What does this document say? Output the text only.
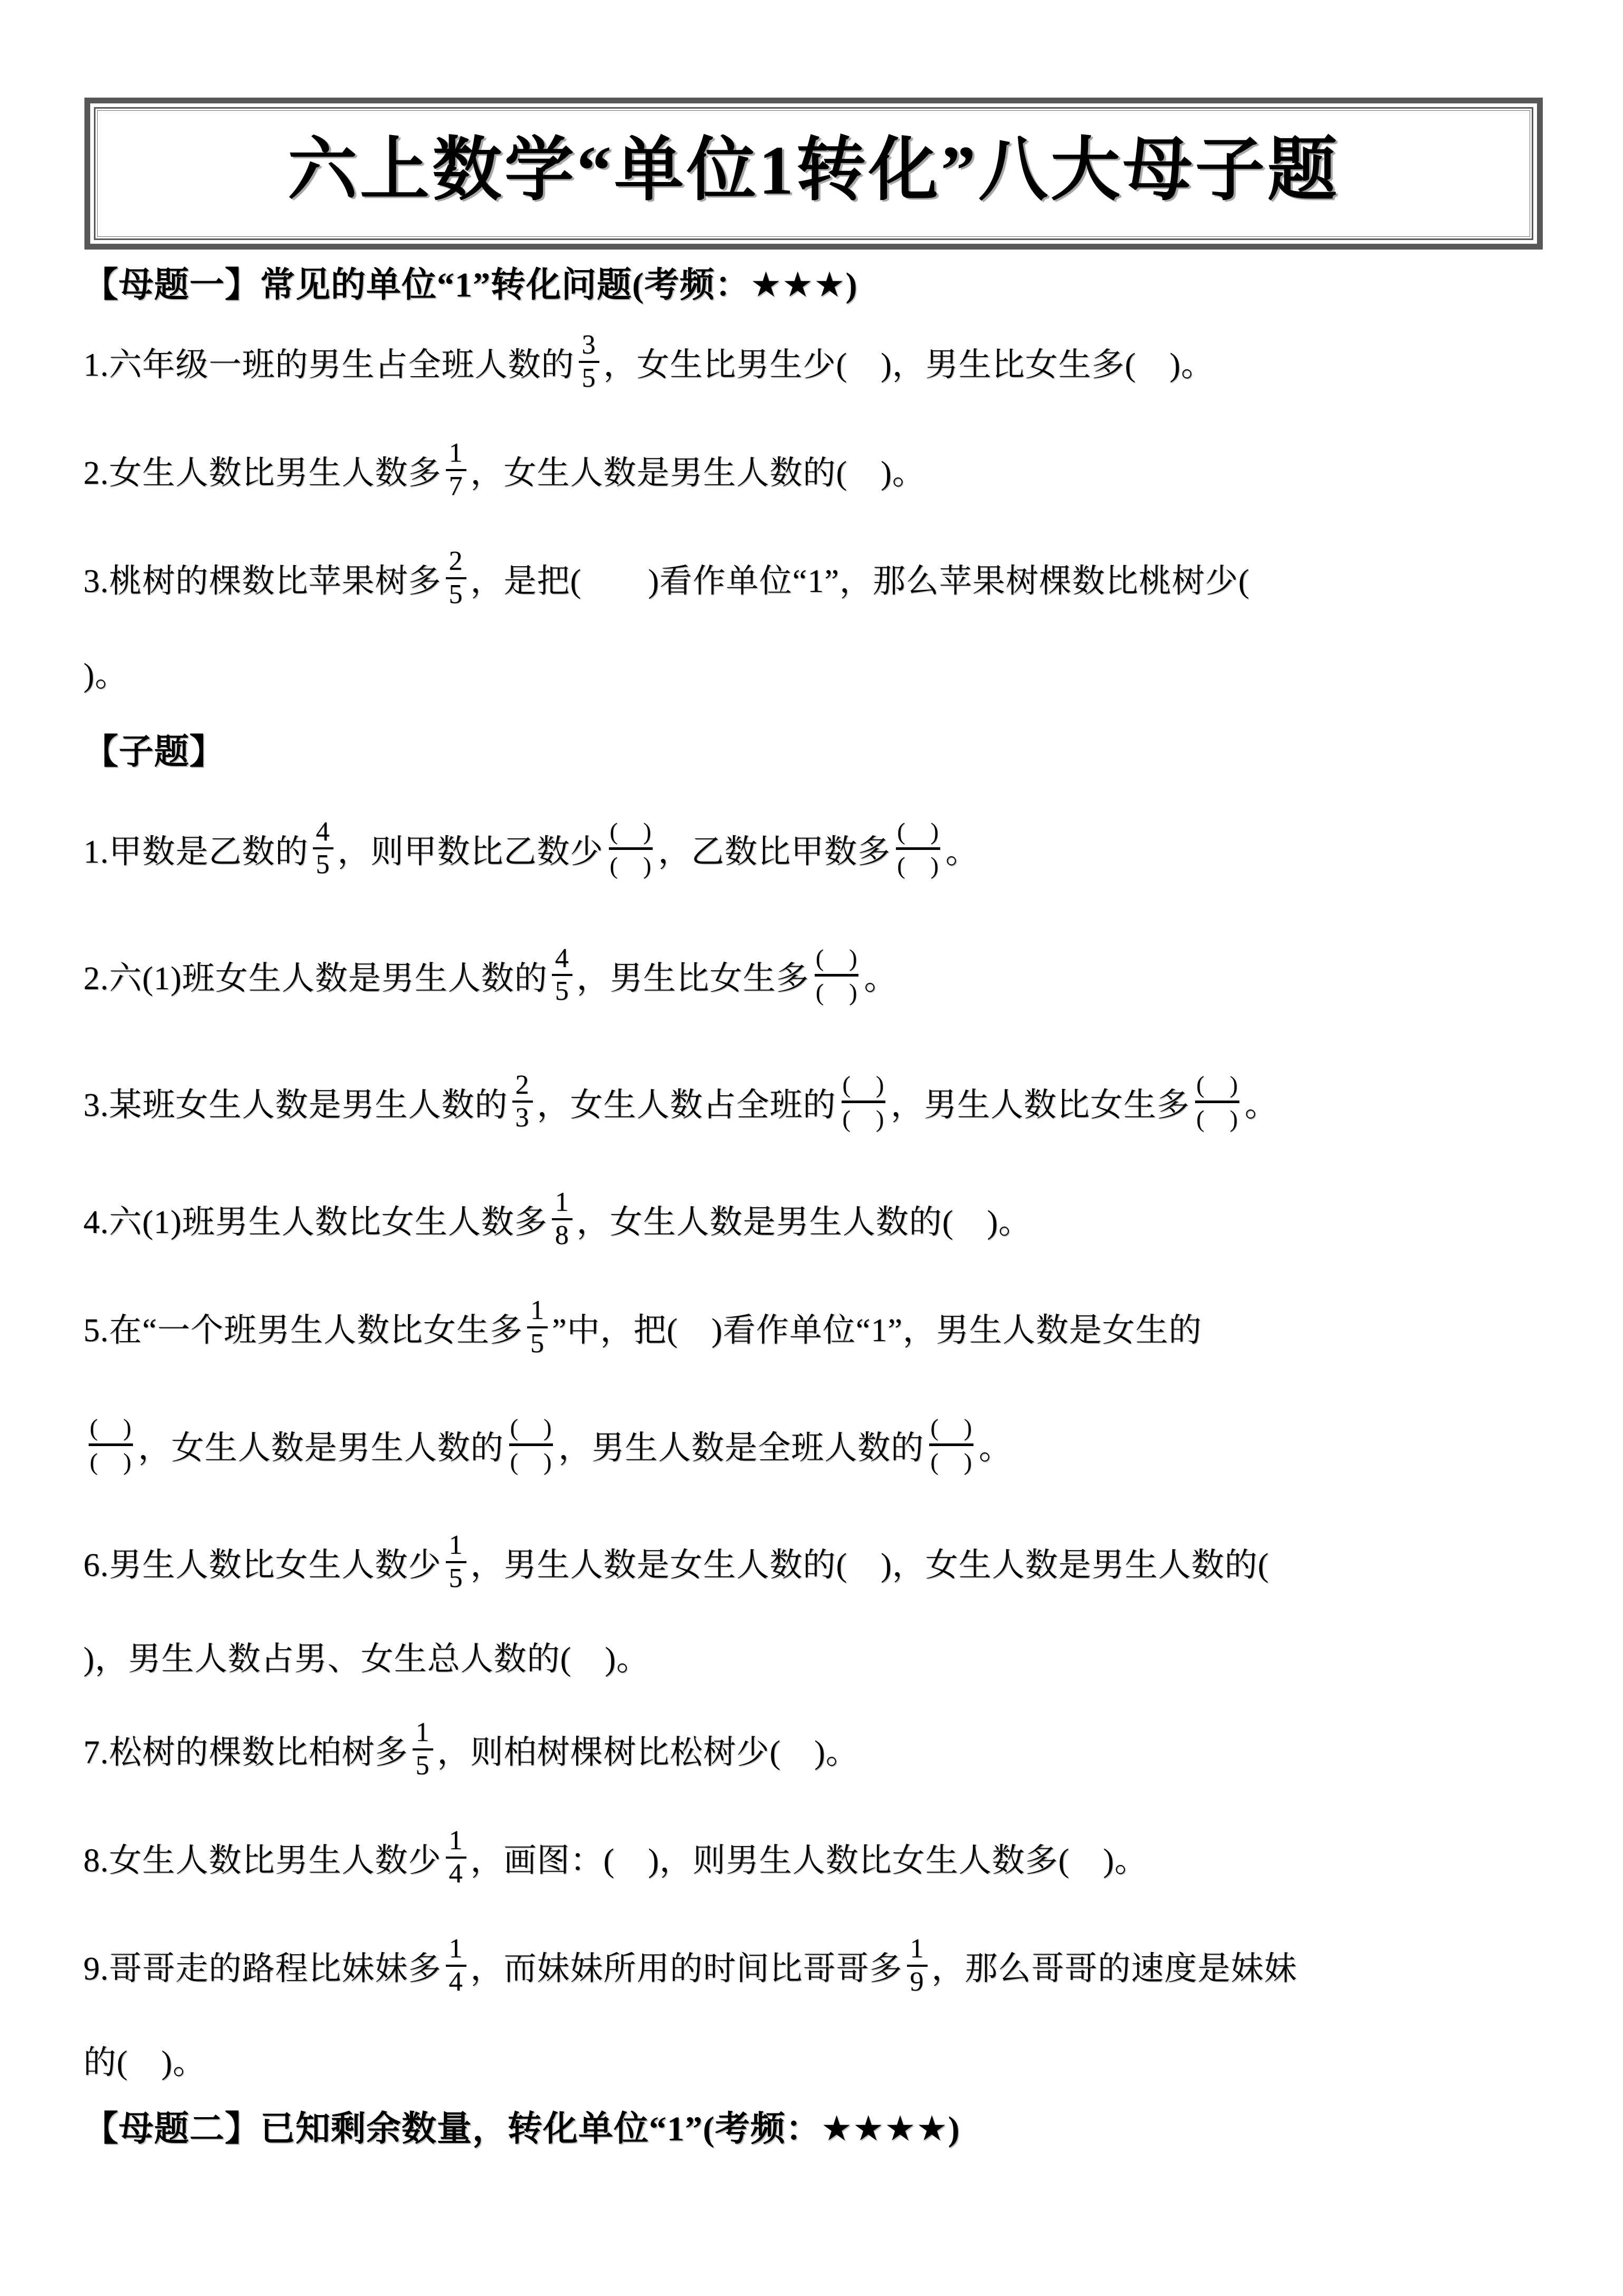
六上数学“单位1转化”八大母子题
【母题一】常见的单位“1”转化问题(考频：★★★)
1.六年级一班的男生占全班人数的 $\frac{3}{5}$ ，女生比男生少(　)，男生比女生多(　)。
2.女生人数比男生人数多 $\frac{1}{7}$ ，女生人数是男生人数的(　)。
3.桃树的棵数比苹果树多 $\frac{2}{5}$ ，是把(　　)看作单位“1”，那么苹果树棵数比桃树少(
)。
【子题】
1.甲数是乙数的 $\frac{4}{5}$ ，则甲数比乙数少 $\frac{( )}{( )}$ ，乙数比甲数多 $\frac{( )}{( )}$ 。
2.六(1)班女生人数是男生人数的 $\frac{4}{5}$ ，男生比女生多 $\frac{( )}{( )}$ 。
3.某班女生人数是男生人数的 $\frac{2}{3}$ ，女生人数占全班的 $\frac{( )}{( )}$ ，男生人数比女生多 $\frac{( )}{( )}$ 。
4.六(1)班男生人数比女生人数多 $\frac{1}{8}$ ，女生人数是男生人数的(　)。
5.在“一个班男生人数比女生多 $\frac{1}{5}$ ”中，把(　)看作单位“1”，男生人数是女生的
$\frac{( )}{( )}$ ，女生人数是男生人数的 $\frac{( )}{( )}$ ，男生人数是全班人数的 $\frac{( )}{( )}$ 。
6.男生人数比女生人数少 $\frac{1}{5}$ ，男生人数是女生人数的(　)，女生人数是男生人数的(
)，男生人数占男、女生总人数的(　)。
7.松树的棵数比柏树多 $\frac{1}{5}$ ，则柏树棵树比松树少(　)。
8.女生人数比男生人数少 $\frac{1}{4}$ ，画图：(　)，则男生人数比女生人数多(　)。
9.哥哥走的路程比妹妹多 $\frac{1}{4}$ ，而妹妹所用的时间比哥哥多 $\frac{1}{9}$ ，那么哥哥的速度是妹妹
的(　)。
【母题二】已知剩余数量，转化单位“1”(考频：★★★★)
